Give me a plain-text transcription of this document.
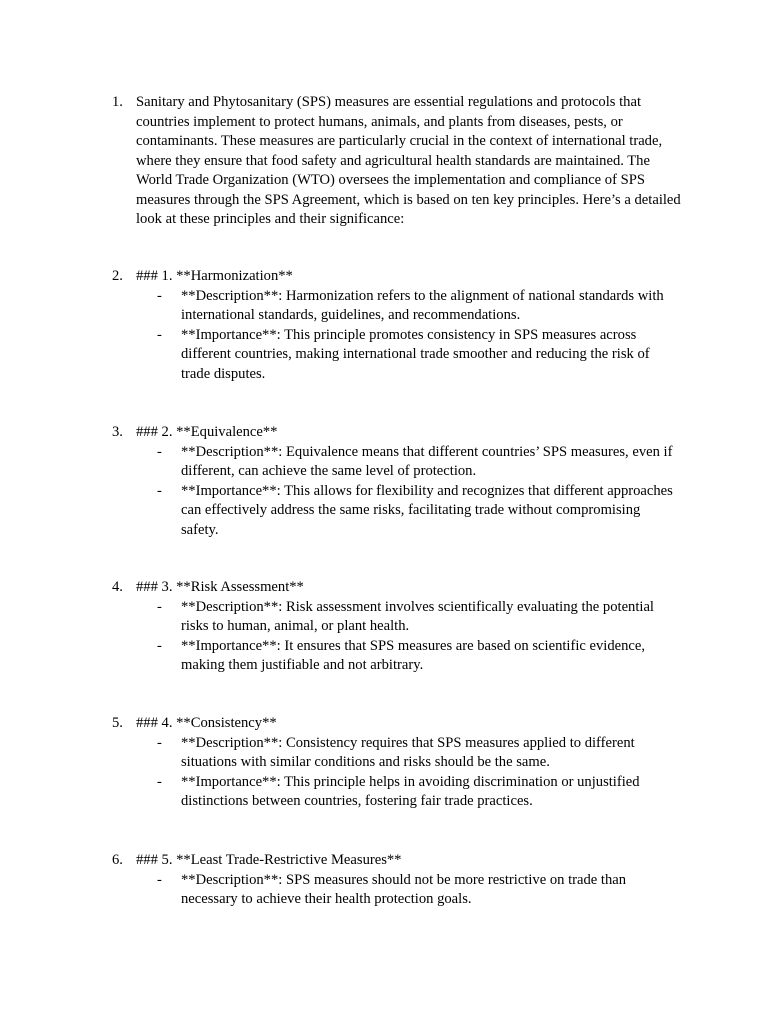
1. Sanitary and Phytosanitary (SPS) measures are essential regulations and protocols that countries implement to protect humans, animals, and plants from diseases, pests, or contaminants. These measures are particularly crucial in the context of international trade, where they ensure that food safety and agricultural health standards are maintained. The World Trade Organization (WTO) oversees the implementation and compliance of SPS measures through the SPS Agreement, which is based on ten key principles. Here’s a detailed look at these principles and their significance:
2. ### 1. **Harmonization**
- **Description**: Harmonization refers to the alignment of national standards with international standards, guidelines, and recommendations.
- **Importance**: This principle promotes consistency in SPS measures across different countries, making international trade smoother and reducing the risk of trade disputes.
3. ### 2. **Equivalence**
- **Description**: Equivalence means that different countries’ SPS measures, even if different, can achieve the same level of protection.
- **Importance**: This allows for flexibility and recognizes that different approaches can effectively address the same risks, facilitating trade without compromising safety.
4. ### 3. **Risk Assessment**
- **Description**: Risk assessment involves scientifically evaluating the potential risks to human, animal, or plant health.
- **Importance**: It ensures that SPS measures are based on scientific evidence, making them justifiable and not arbitrary.
5. ### 4. **Consistency**
- **Description**: Consistency requires that SPS measures applied to different situations with similar conditions and risks should be the same.
- **Importance**: This principle helps in avoiding discrimination or unjustified distinctions between countries, fostering fair trade practices.
6. ### 5. **Least Trade-Restrictive Measures**
- **Description**: SPS measures should not be more restrictive on trade than necessary to achieve their health protection goals.
